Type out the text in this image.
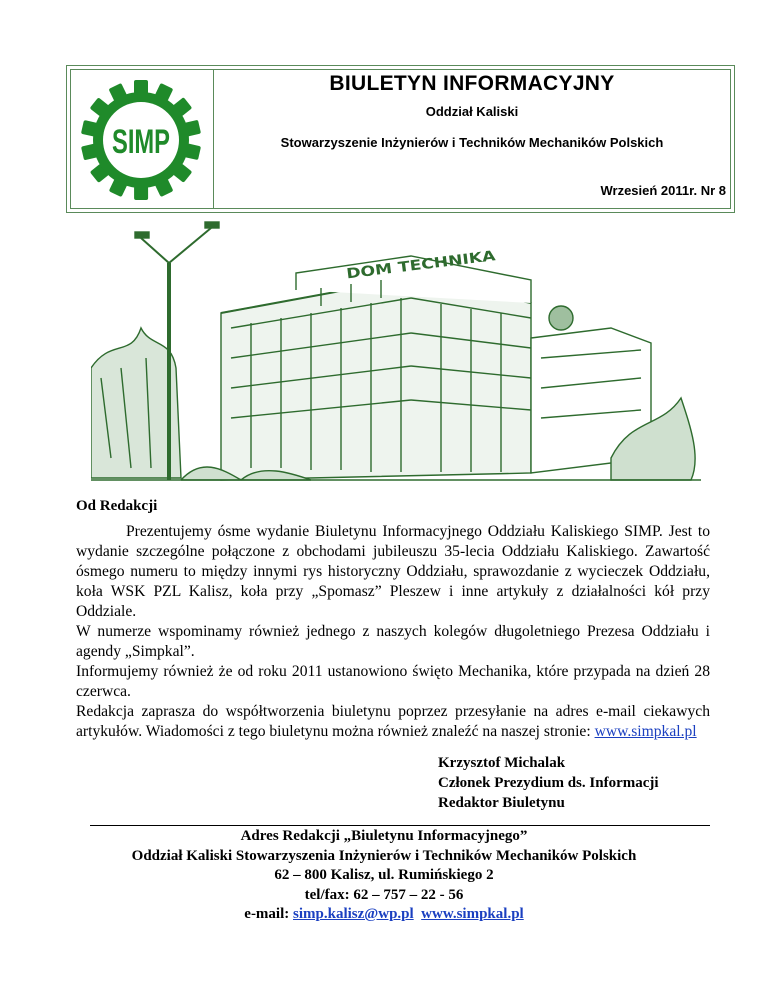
SIMP
BIULETYN INFORMACYJNY
Oddział Kaliski
Stowarzyszenie Inżynierów i Techników Mechaników Polskich
Wrzesień 2011r. Nr 8
DOM TECHNIKA
Od Redakcji

Prezentujemy ósme wydanie Biuletynu Informacyjnego Oddziału Kaliskiego SIMP. Jest to wydanie szczególne połączone z obchodami jubileuszu 35-lecia Oddziału Kaliskiego. Zawartość ósmego numeru to między innymi rys historyczny Oddziału, sprawozdanie z wycieczek Oddziału, koła WSK PZL Kalisz, koła przy „Spomasz” Pleszew i inne artykuły z działalności kół przy Oddziale.

W numerze wspominamy również jednego z naszych kolegów długoletniego Prezesa Oddziału i agendy „Simpkal”.

Informujemy również że od roku 2011 ustanowiono święto Mechanika, które przypada na dzień 28 czerwca.

Redakcja zaprasza do współtworzenia biuletynu poprzez przesyłanie na adres e-mail ciekawych artykułów. Wiadomości z tego biuletynu można również znaleźć na naszej stronie: www.simpkal.pl

Krzysztof Michalak
Członek Prezydium ds. Informacji
Redaktor Biuletynu
Adres Redakcji „Biuletynu Informacyjnego”
Oddział Kaliski Stowarzyszenia Inżynierów i Techników Mechaników Polskich
62 – 800 Kalisz, ul. Rumińskiego 2
tel/fax: 62 – 757 – 22 - 56
e-mail: simp.kalisz@wp.pl www.simpkal.pl
